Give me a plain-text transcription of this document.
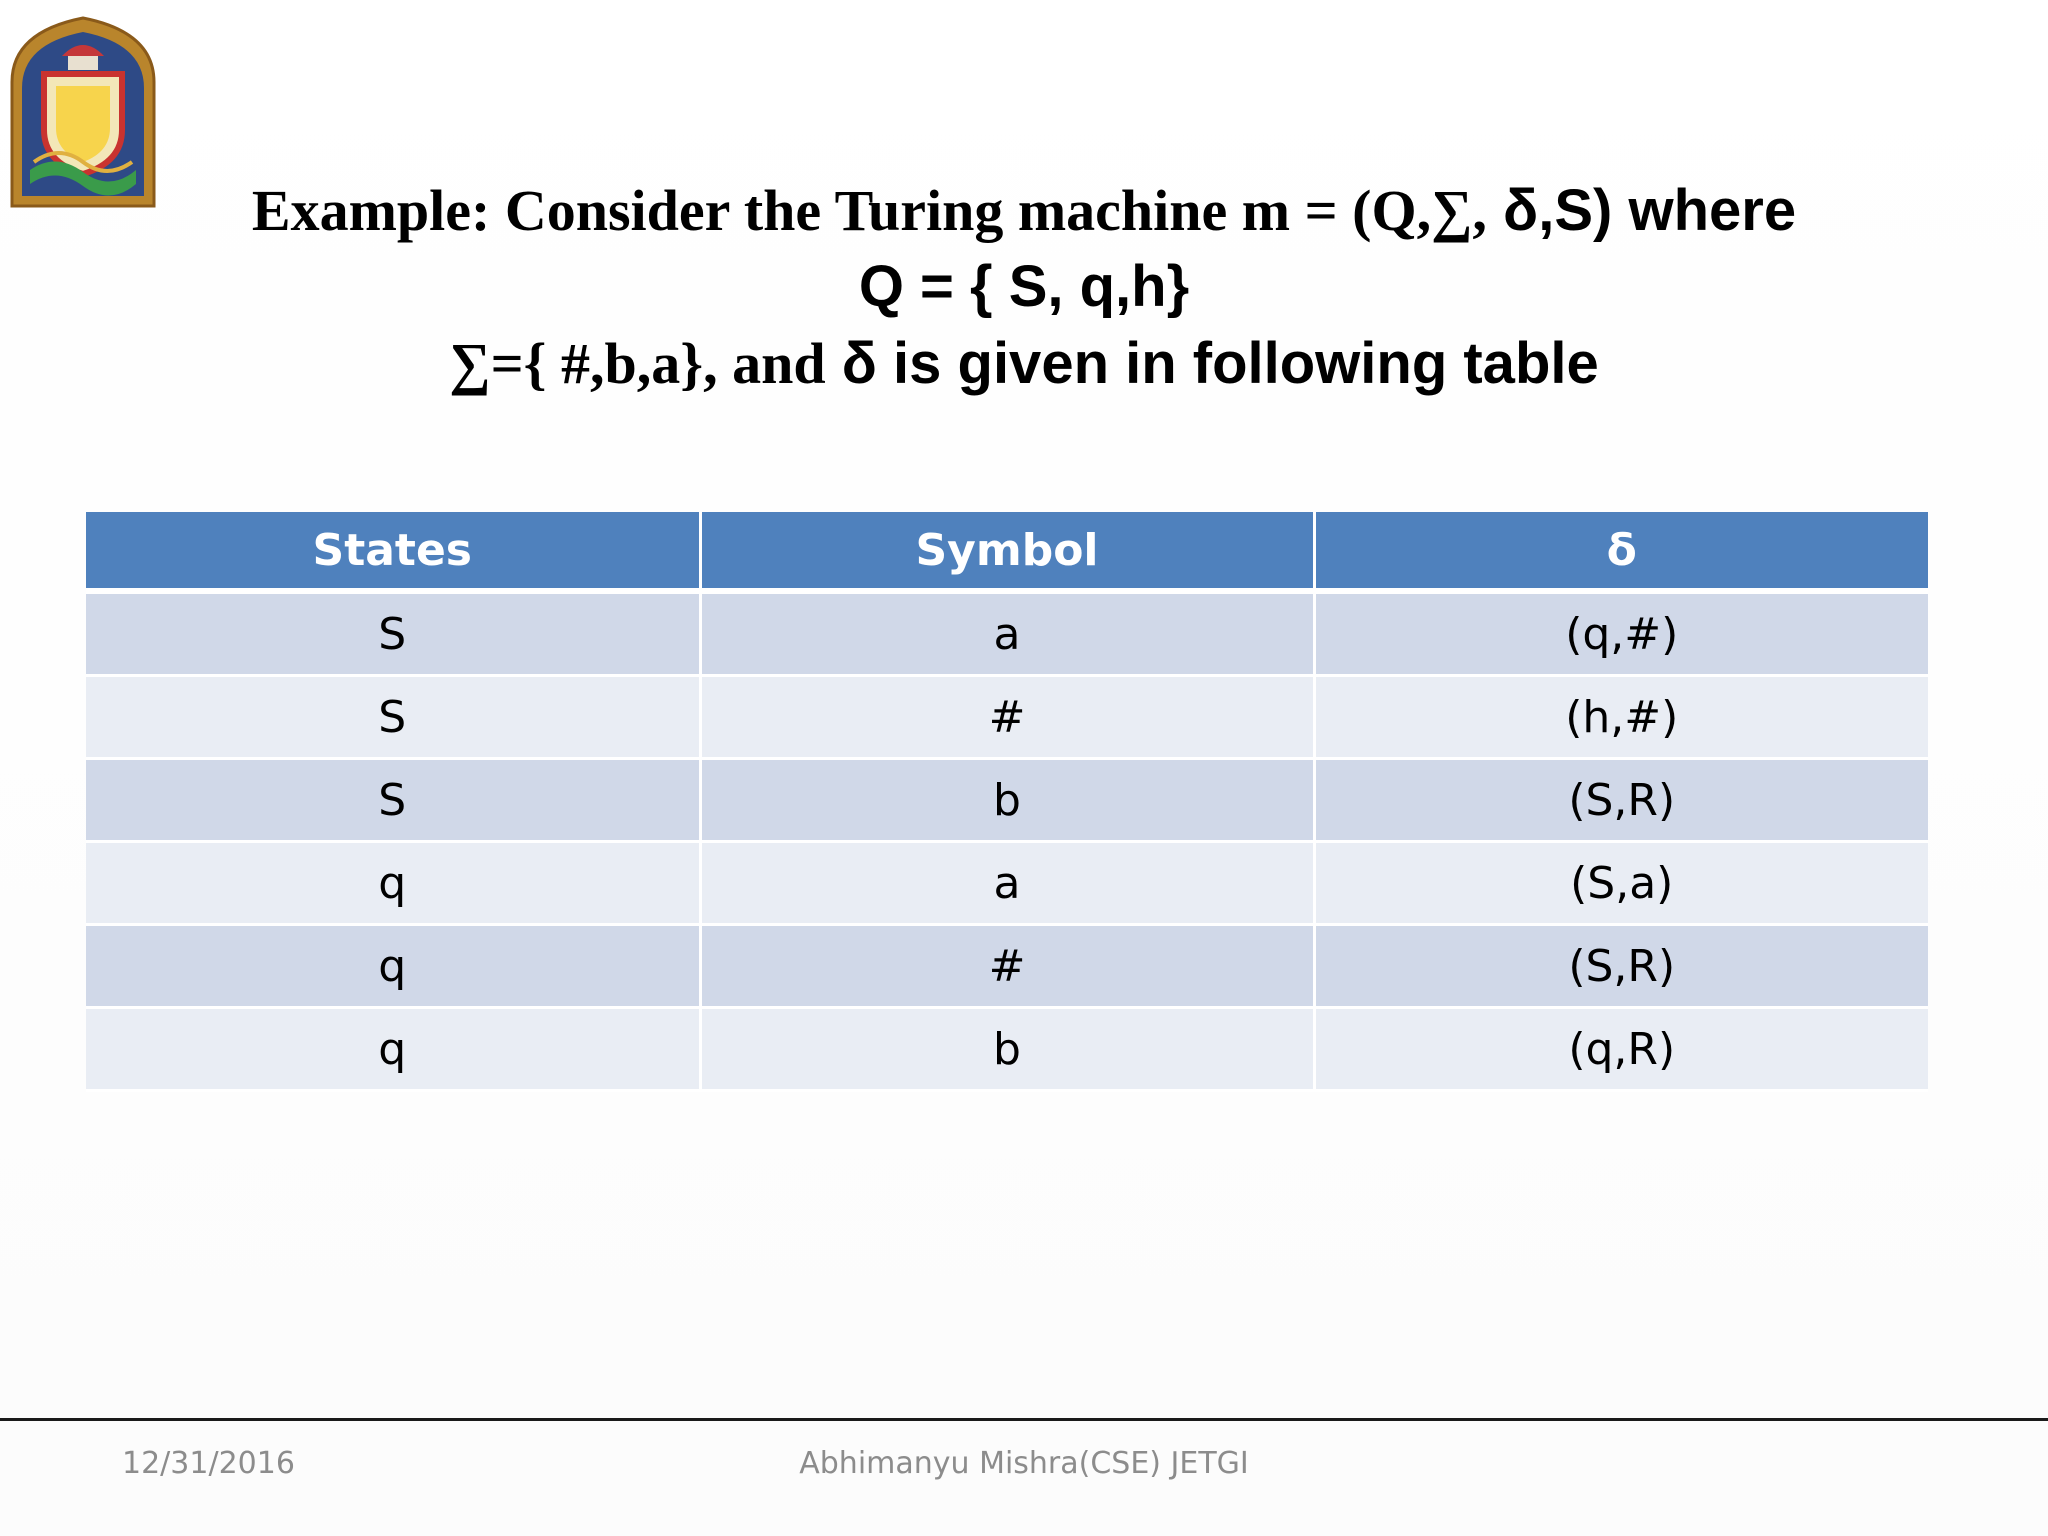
Example: Consider the Turing machine m = (Q,∑, δ,S) where
Q = { S, q,h}
∑={ #,b,a}, and δ is given in following table
States	Symbol	δ
S	a	(q,#)
S	#	(h,#)
S	b	(S,R)
q	a	(S,a)
q	#	(S,R)
q	b	(q,R)
12/31/2016	Abhimanyu Mishra(CSE) JETGI
